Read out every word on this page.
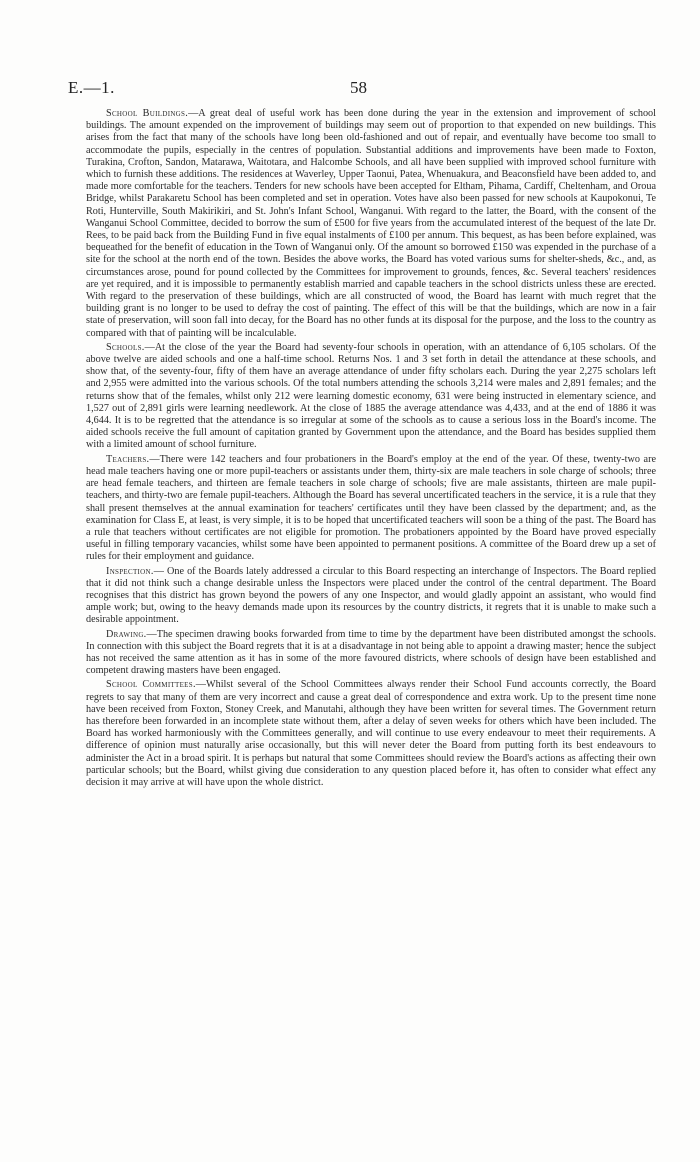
E.—1.	58

School Buildings.—A great deal of useful work has been done during the year in the extension and improvement of school buildings. The amount expended on the improvement of buildings may seem out of proportion to that expended on new buildings. This arises from the fact that many of the schools have long been old-fashioned and out of repair, and eventually have become too small to accommodate the pupils, especially in the centres of population. Substantial additions and improvements have been made to Foxton, Turakina, Crofton, Sandon, Matarawa, Waitotara, and Halcombe Schools, and all have been supplied with improved school furniture with which to furnish these additions. The residences at Waverley, Upper Taonui, Patea, Whenuakura, and Beaconsfield have been added to, and made more comfortable for the teachers. Tenders for new schools have been accepted for Eltham, Pihama, Cardiff, Cheltenham, and Oroua Bridge, whilst Parakaretu School has been completed and set in operation. Votes have also been passed for new schools at Kaupokonui, Te Roti, Hunterville, South Makirikiri, and St. John's Infant School, Wanganui. With regard to the latter, the Board, with the consent of the Wanganui School Committee, decided to borrow the sum of £500 for five years from the accumulated interest of the bequest of the late Dr. Rees, to be paid back from the Building Fund in five equal instalments of £100 per annum. This bequest, as has been before explained, was bequeathed for the benefit of education in the Town of Wanganui only. Of the amount so borrowed £150 was expended in the purchase of a site for the school at the north end of the town. Besides the above works, the Board has voted various sums for shelter-sheds, &c., and, as circumstances arose, pound for pound collected by the Committees for improvement to grounds, fences, &c. Several teachers' residences are yet required, and it is impossible to permanently establish married and capable teachers in the school districts unless these are erected. With regard to the preservation of these buildings, which are all constructed of wood, the Board has learnt with much regret that the building grant is no longer to be used to defray the cost of painting. The effect of this will be that the buildings, which are now in a fair state of preservation, will soon fall into decay, for the Board has no other funds at its disposal for the purpose, and the loss to the country as compared with that of painting will be incalculable.

Schools.—At the close of the year the Board had seventy-four schools in operation, with an attendance of 6,105 scholars. Of the above twelve are aided schools and one a half-time school. Returns Nos. 1 and 3 set forth in detail the attendance at these schools, and show that, of the seventy-four, fifty of them have an average attendance of under fifty scholars each. During the year 2,275 scholars left and 2,955 were admitted into the various schools. Of the total numbers attending the schools 3,214 were males and 2,891 females; and the returns show that of the females, whilst only 212 were learning domestic economy, 631 were being instructed in elementary science, and 1,527 out of 2,891 girls were learning needlework. At the close of 1885 the average attendance was 4,433, and at the end of 1886 it was 4,644. It is to be regretted that the attendance is so irregular at some of the schools as to cause a serious loss in the Board's income. The aided schools receive the full amount of capitation granted by Government upon the attendance, and the Board has besides supplied them with a limited amount of school furniture.

Teachers.—There were 142 teachers and four probationers in the Board's employ at the end of the year. Of these, twenty-two are head male teachers having one or more pupil-teachers or assistants under them, thirty-six are male teachers in sole charge of schools; three are head female teachers, and thirteen are female teachers in sole charge of schools; five are male assistants, thirteen are male pupil-teachers, and thirty-two are female pupil-teachers. Although the Board has several uncertificated teachers in the service, it is a rule that they shall present themselves at the annual examination for teachers' certificates until they have been classed by the department; and, as the examination for Class E, at least, is very simple, it is to be hoped that uncertificated teachers will soon be a thing of the past. The Board has a rule that teachers without certificates are not eligible for promotion. The probationers appointed by the Board have proved especially useful in filling temporary vacancies, whilst some have been appointed to permanent positions. A committee of the Board drew up a set of rules for their employment and guidance.

Inspection.— One of the Boards lately addressed a circular to this Board respecting an interchange of Inspectors. The Board replied that it did not think such a change desirable unless the Inspectors were placed under the control of the central department. The Board recognises that this district has grown beyond the powers of any one Inspector, and would gladly appoint an assistant, who would find ample work; but, owing to the heavy demands made upon its resources by the country districts, it regrets that it is unable to make such a desirable appointment.

Drawing.—The specimen drawing books forwarded from time to time by the department have been distributed amongst the schools. In connection with this subject the Board regrets that it is at a disadvantage in not being able to appoint a drawing master; hence the subject has not received the same attention as it has in some of the more favoured districts, where schools of design have been established and competent drawing masters have been engaged.

School Committees.—Whilst several of the School Committees always render their School Fund accounts correctly, the Board regrets to say that many of them are very incorrect and cause a great deal of correspondence and extra work. Up to the present time none have been received from Foxton, Stoney Creek, and Manutahi, although they have been written for several times. The Government return has therefore been forwarded in an incomplete state without them, after a delay of seven weeks for others which have been included. The Board has worked harmoniously with the Committees generally, and will continue to use every endeavour to meet their requirements. A difference of opinion must naturally arise occasionally, but this will never deter the Board from putting forth its best endeavours to administer the Act in a broad spirit. It is perhaps but natural that some Committees should review the Board's actions as affecting their own particular schools; but the Board, whilst giving due consideration to any question placed before it, has often to consider what effect any decision it may arrive at will have upon the whole district.
